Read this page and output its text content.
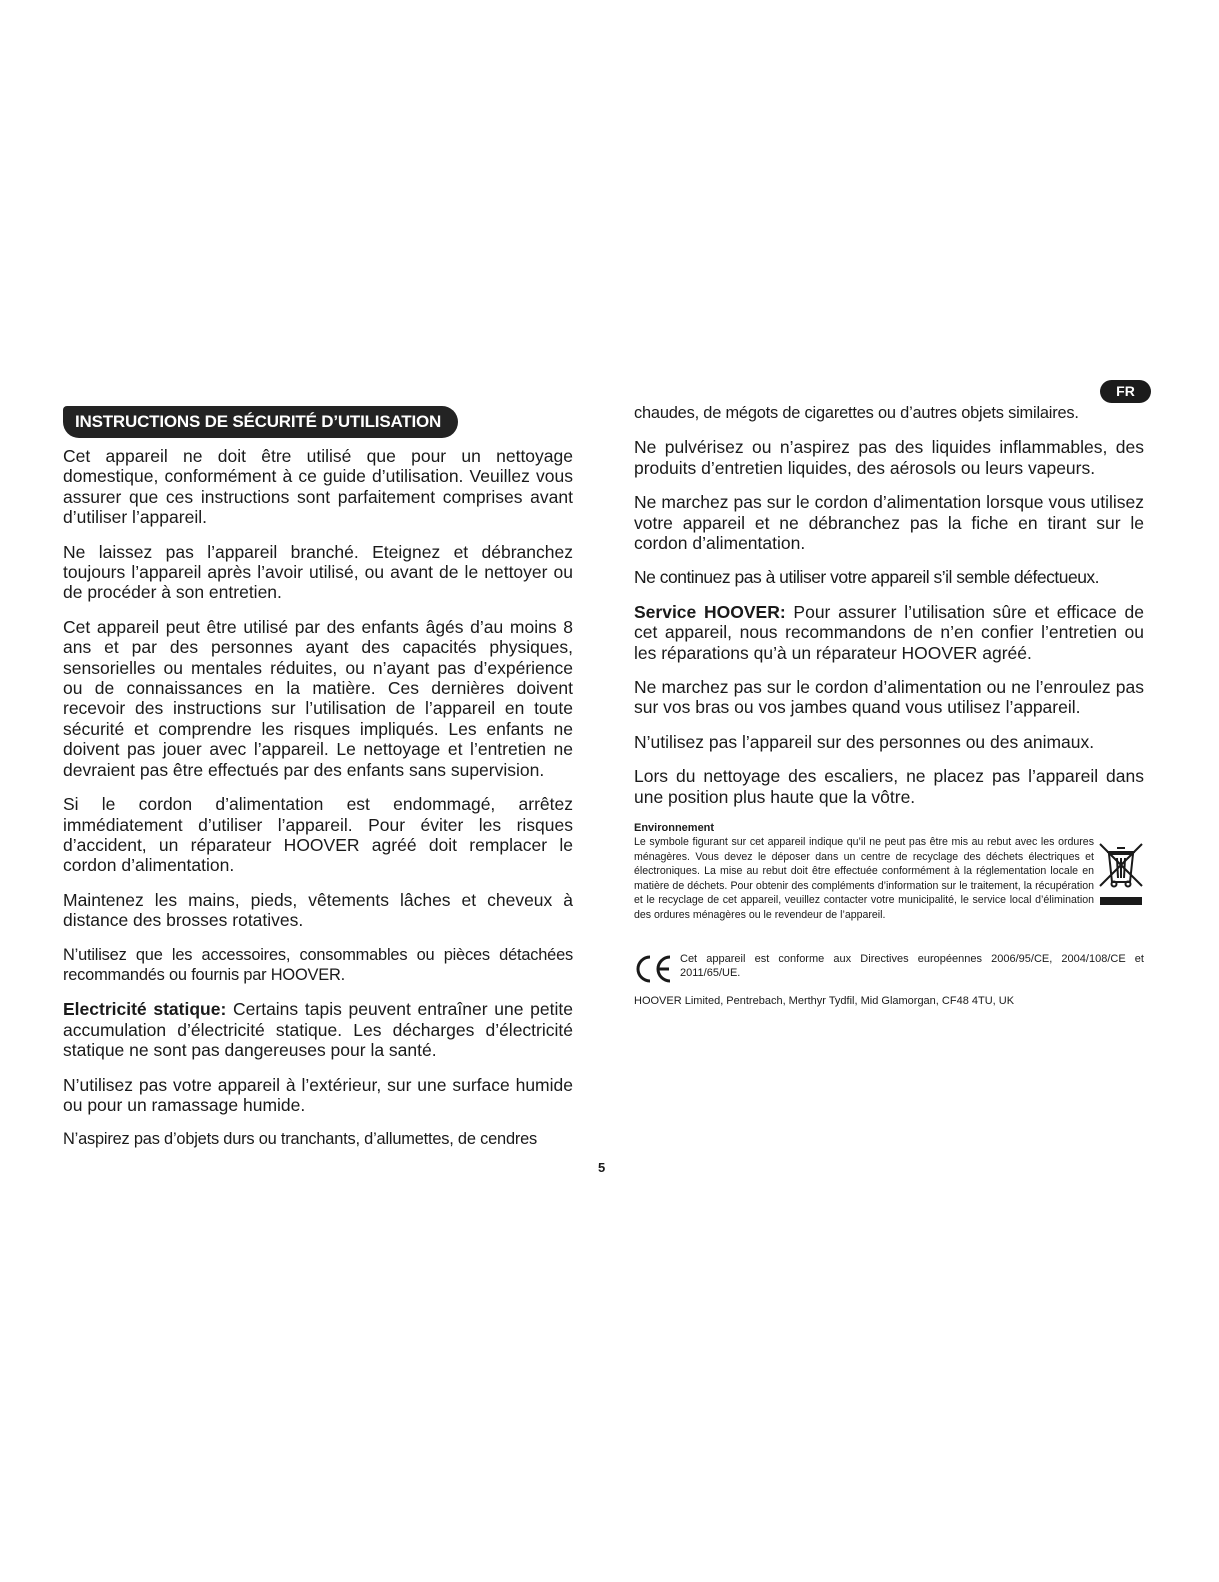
FR
INSTRUCTIONS DE SÉCURITÉ D’UTILISATION

Cet appareil ne doit être utilisé que pour un nettoyage domestique, conformément à ce guide d’utilisation. Veuillez vous assurer que ces instructions sont parfaitement comprises avant d’utiliser l’appareil.

Ne laissez pas l’appareil branché. Eteignez et débranchez toujours l’appareil après l’avoir utilisé, ou avant de le nettoyer ou de procéder à son entretien.

Cet appareil peut être utilisé par des enfants âgés d’au moins 8 ans et par des personnes ayant des capacités physiques, sensorielles ou mentales réduites, ou n’ayant pas d’expérience ou de connaissances en la matière. Ces dernières doivent recevoir des instructions sur l’utilisation de l’appareil en toute sécurité et comprendre les risques impliqués. Les enfants ne doivent pas jouer avec l’appareil. Le nettoyage et l’entretien ne devraient pas être effectués par des enfants sans supervision.

Si le cordon d’alimentation est endommagé, arrêtez immédiatement d’utiliser l’appareil. Pour éviter les risques d’accident, un réparateur HOOVER agréé doit remplacer le cordon d’alimentation.

Maintenez les mains, pieds, vêtements lâches et cheveux à distance des brosses rotatives.

N’utilisez que les accessoires, consommables ou pièces détachées recommandés ou fournis par HOOVER.

Electricité statique: Certains tapis peuvent entraîner une petite accumulation d’électricité statique. Les décharges d’électricité statique ne sont pas dangereuses pour la santé.

N’utilisez pas votre appareil à l’extérieur, sur une surface humide ou pour un ramassage humide.

N’aspirez pas d’objets durs ou tranchants, d’allumettes, de cendres

chaudes, de mégots de cigarettes ou d’autres objets similaires.

Ne pulvérisez ou n’aspirez pas des liquides inflammables, des produits d’entretien liquides, des aérosols ou leurs vapeurs.

Ne marchez pas sur le cordon d’alimentation lorsque vous utilisez votre appareil et ne débranchez pas la fiche en tirant sur le cordon d’alimentation.

Ne continuez pas à utiliser votre appareil s’il semble défectueux.

Service HOOVER: Pour assurer l’utilisation sûre et efficace de cet appareil, nous recommandons de n’en confier l’entretien ou les réparations qu’à un réparateur HOOVER agréé.

Ne marchez pas sur le cordon d’alimentation ou ne l’enroulez pas sur vos bras ou vos jambes quand vous utilisez l’appareil.

N’utilisez pas l’appareil sur des personnes ou des animaux.

Lors du nettoyage des escaliers, ne placez pas l’appareil dans une position plus haute que la vôtre.

Environnement

Le symbole figurant sur cet appareil indique qu’il ne peut pas être mis au rebut avec les ordures ménagères. Vous devez le déposer dans un centre de recyclage des déchets électriques et électroniques. La mise au rebut doit être effectuée conformément à la réglementation locale en matière de déchets. Pour obtenir des compléments d’information sur le traitement, la récupération et le recyclage de cet appareil, veuillez contacter votre municipalité, le service local d’élimination des ordures ménagères ou le revendeur de l’appareil.

Cet appareil est conforme aux Directives européennes 2006/95/CE, 2004/108/CE et 2011/65/UE.

HOOVER Limited, Pentrebach, Merthyr Tydfil, Mid Glamorgan, CF48 4TU, UK
5
